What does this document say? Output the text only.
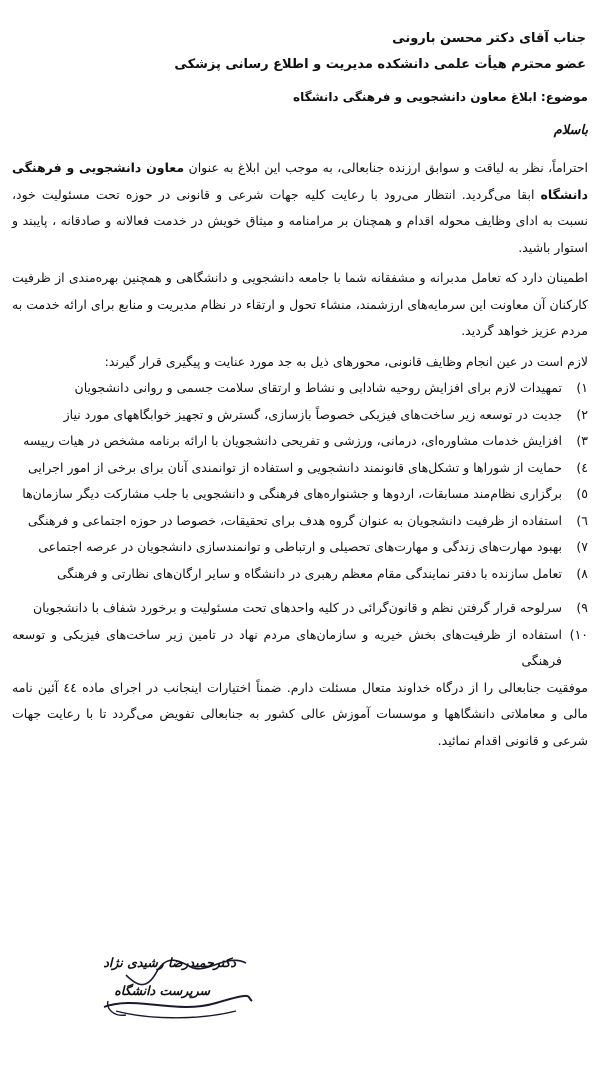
جناب آقای دکتر محسن بارونی
عضو محترم هیأت علمی دانشکده مدیریت و اطلاع رسانی پزشکی
موضوع: ابلاغ معاون دانشجویی و فرهنگی دانشگاه
باسلام

احتراماً، نظر به لیاقت و سوابق ارزنده جنابعالی، به موجب این ابلاغ به عنوان معاون دانشجویی و فرهنگی دانشگاه ابقا می‌گردید. انتظار می‌رود با رعایت کلیه جهات شرعی و قانونی در حوزه تحت مسئولیت خود، نسبت به ادای وظایف محوله اقدام و همچنان بر مرامنامه و میثاق خویش در خدمت فعالانه و صادقانه ، پایبند و استوار باشید.

اطمینان دارد که تعامل مدبرانه و مشفقانه شما با جامعه دانشجویی و دانشگاهی و همچنین بهره‌مندی از ظرفیت کارکنان آن معاونت این سرمایه‌های ارزشمند، منشاء تحول و ارتقاء در نظام مدیریت و منابع برای ارائه خدمت به مردم عزیز خواهد گردید.

لازم است در عین انجام وظایف قانونی، محورهای ذیل به جد مورد عنایت و پیگیری قرار گیرند:

۱)
تمهیدات لازم برای افزایش روحیه شادابی و نشاط و ارتقای سلامت جسمی و روانی دانشجویان
۲)
جدیت در توسعه زیر ساخت‌های فیزیکی خصوصاً بازسازی، گسترش و تجهیز خوابگاههای مورد نیاز
۳)
افزایش خدمات مشاوره‌ای، درمانی، ورزشی و تفریحی دانشجویان با ارائه برنامه مشخص در هیات رییسه
٤)
حمایت از شوراها و تشکل‌های قانونمند دانشجویی و استفاده از توانمندی آنان برای برخی از امور اجرایی
٥)
برگزاری نظام‌مند مسابقات، اردوها و جشنواره‌های فرهنگی و دانشجویی با جلب مشارکت دیگر سازمان‌ها
٦)
استفاده از ظرفیت دانشجویان به عنوان گروه هدف برای تحقیقات، خصوصا در حوزه اجتماعی و فرهنگی
۷)
بهبود مهارت‌های زندگی و مهارت‌های تحصیلی و ارتباطی و توانمندسازی دانشجویان در عرصه اجتماعی
۸)
تعامل سازنده با دفتر نمایندگی مقام معظم رهبری در دانشگاه و سایر ارگان‌های نظارتی و فرهنگی
۹)
سرلوحه قرار گرفتن نظم و قانون‌گرائی در کلیه واحدهای تحت مسئولیت و برخورد شفاف با دانشجویان
۱۰)
استفاده از ظرفیت‌های بخش خیریه و سازمان‌های مردم نهاد در تامین زیر ساخت‌های فیزیکی و توسعه فرهنگی

موفقیت جنابعالی را از درگاه خداوند متعال مسئلت دارم. ضمناً اختیارات اینجانب در اجرای ماده ٤٤ آئین نامه مالی و معاملاتی دانشگاهها و موسسات آموزش عالی کشور به جنابعالی تفویض می‌گردد تا با رعایت جهات شرعی و قانونی اقدام نمائید.

دکترحمیدرضا رشیدی نژاد
سرپرست دانشگاه
